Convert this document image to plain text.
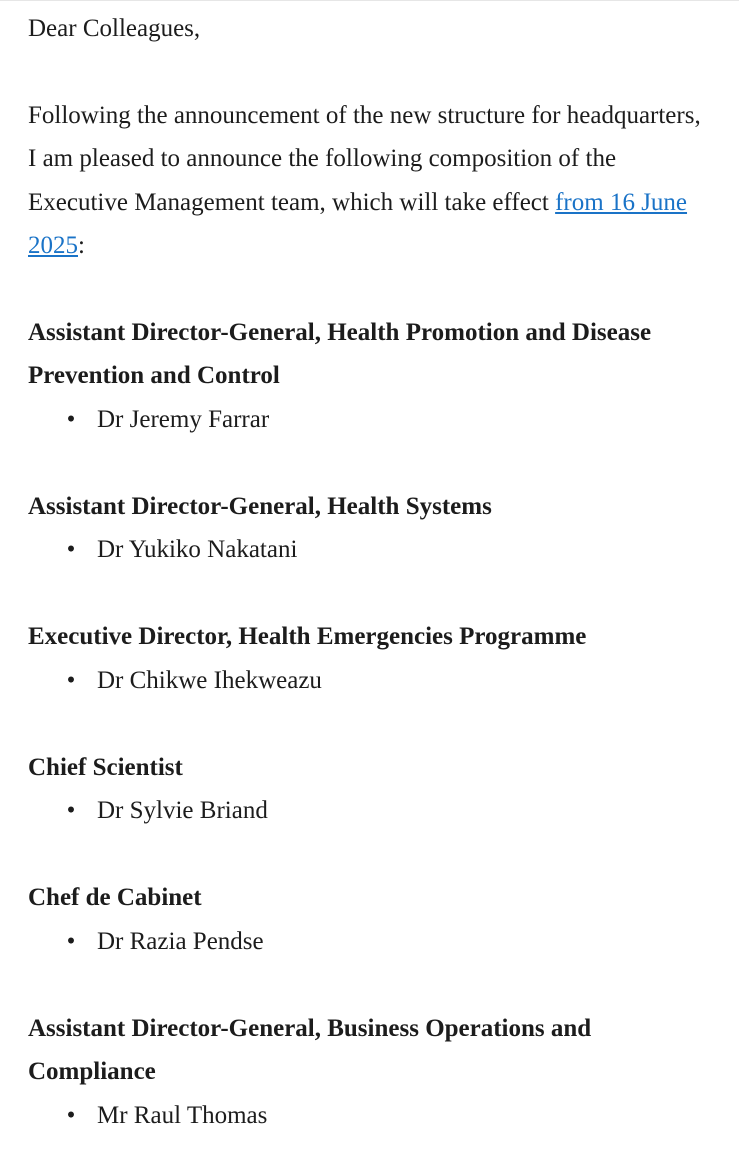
Dear Colleagues,

Following the announcement of the new structure for headquarters, I am pleased to announce the following composition of the Executive Management team, which will take effect from 16 June 2025:

Assistant Director-General, Health Promotion and Disease Prevention and Control

• Dr Jeremy Farrar

Assistant Director-General, Health Systems

• Dr Yukiko Nakatani

Executive Director, Health Emergencies Programme

• Dr Chikwe Ihekweazu

Chief Scientist

• Dr Sylvie Briand

Chef de Cabinet

• Dr Razia Pendse

Assistant Director-General, Business Operations and Compliance

• Mr Raul Thomas
